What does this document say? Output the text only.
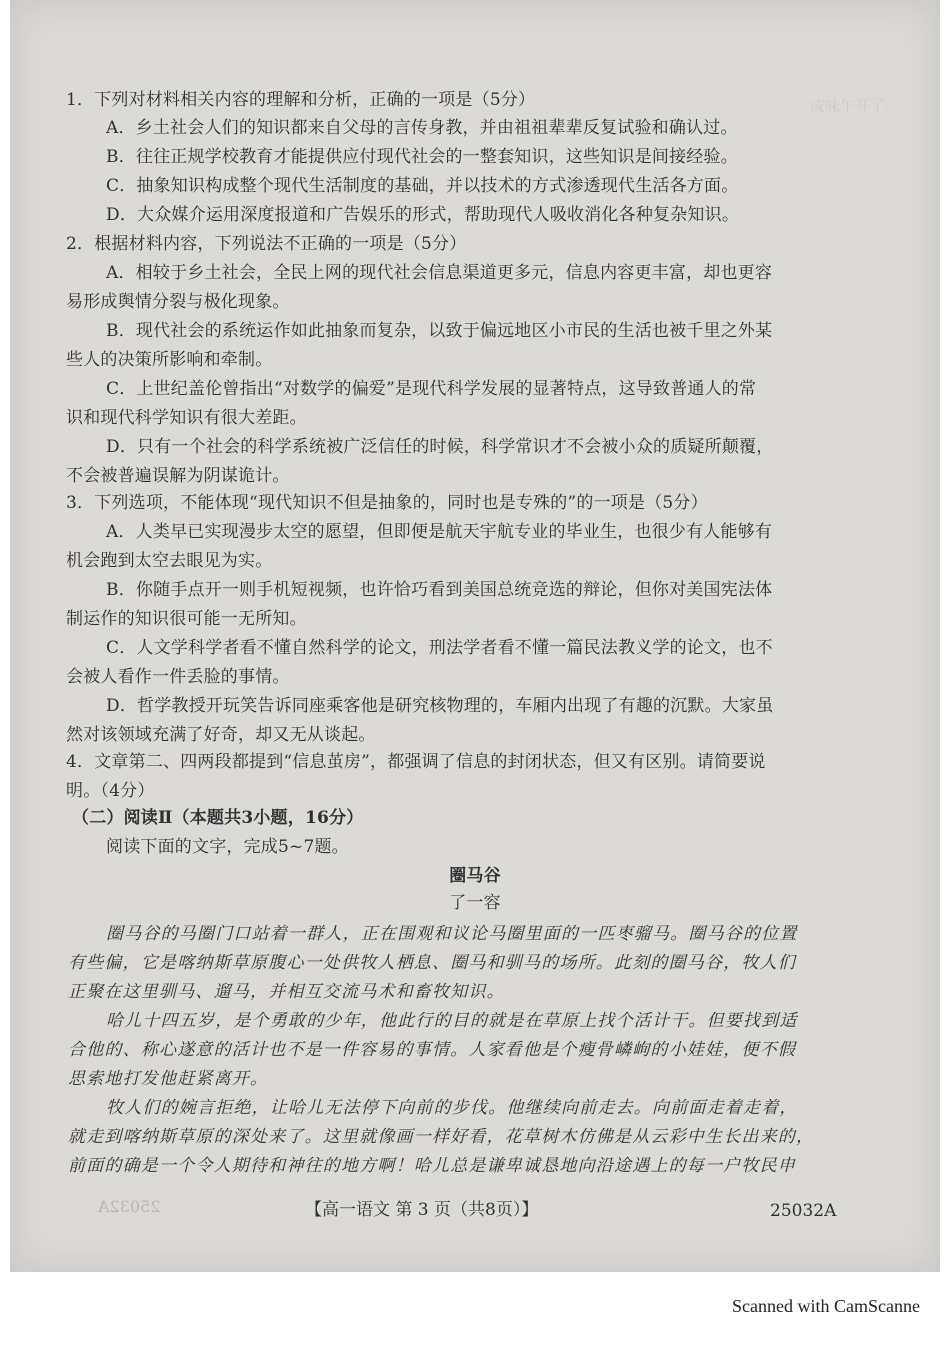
成味午开了。
1．下列对材料相关内容的理解和分析，正确的一项是（5分）
A．乡土社会人们的知识都来自父母的言传身教，并由祖祖辈辈反复试验和确认过。
B．往往正规学校教育才能提供应付现代社会的一整套知识，这些知识是间接经验。
C．抽象知识构成整个现代生活制度的基础，并以技术的方式渗透现代生活各方面。
D．大众媒介运用深度报道和广告娱乐的形式，帮助现代人吸收消化各种复杂知识。
2．根据材料内容，下列说法不正确的一项是（5分）
A．相较于乡土社会，全民上网的现代社会信息渠道更多元，信息内容更丰富，却也更容
易形成舆情分裂与极化现象。
B．现代社会的系统运作如此抽象而复杂，以致于偏远地区小市民的生活也被千里之外某
些人的决策所影响和牵制。
C．上世纪盖伦曾指出“对数学的偏爱”是现代科学发展的显著特点，这导致普通人的常
识和现代科学知识有很大差距。
D．只有一个社会的科学系统被广泛信任的时候，科学常识才不会被小众的质疑所颠覆，
不会被普遍误解为阴谋诡计。
3．下列选项，不能体现“现代知识不但是抽象的，同时也是专殊的”的一项是（5分）
A．人类早已实现漫步太空的愿望，但即便是航天宇航专业的毕业生，也很少有人能够有
机会跑到太空去眼见为实。
B．你随手点开一则手机短视频，也许恰巧看到美国总统竞选的辩论，但你对美国宪法体
制运作的知识很可能一无所知。
C．人文学科学者看不懂自然科学的论文，刑法学者看不懂一篇民法教义学的论文，也不
会被人看作一件丢脸的事情。
D．哲学教授开玩笑告诉同座乘客他是研究核物理的，车厢内出现了有趣的沉默。大家虽
然对该领域充满了好奇，却又无从谈起。
4．文章第二、四两段都提到“信息茧房”，都强调了信息的封闭状态，但又有区别。请简要说
明。（4分）
（二）阅读Ⅱ（本题共3小题，16分）
阅读下面的文字，完成5~7题。
圈马谷
了一容
圈马谷的马圈门口站着一群人，正在围观和议论马圈里面的一匹枣骝马。圈马谷的位置
有些偏，它是喀纳斯草原腹心一处供牧人栖息、圈马和驯马的场所。此刻的圈马谷，牧人们
正聚在这里驯马、遛马，并相互交流马术和畜牧知识。
哈儿十四五岁，是个勇敢的少年，他此行的目的就是在草原上找个活计干。但要找到适
合他的、称心遂意的活计也不是一件容易的事情。人家看他是个瘦骨嶙峋的小娃娃，便不假
思索地打发他赶紧离开。
牧人们的婉言拒绝，让哈儿无法停下向前的步伐。他继续向前走去。向前面走着走着，
就走到喀纳斯草原的深处来了。这里就像画一样好看，花草树木仿佛是从云彩中生长出来的，
前面的确是一个令人期待和神往的地方啊！哈儿总是谦卑诚恳地向沿途遇上的每一户牧民申
25032A	【高一语文 第 3 页（共8页）】	25032A
Scanned with CamScanne
